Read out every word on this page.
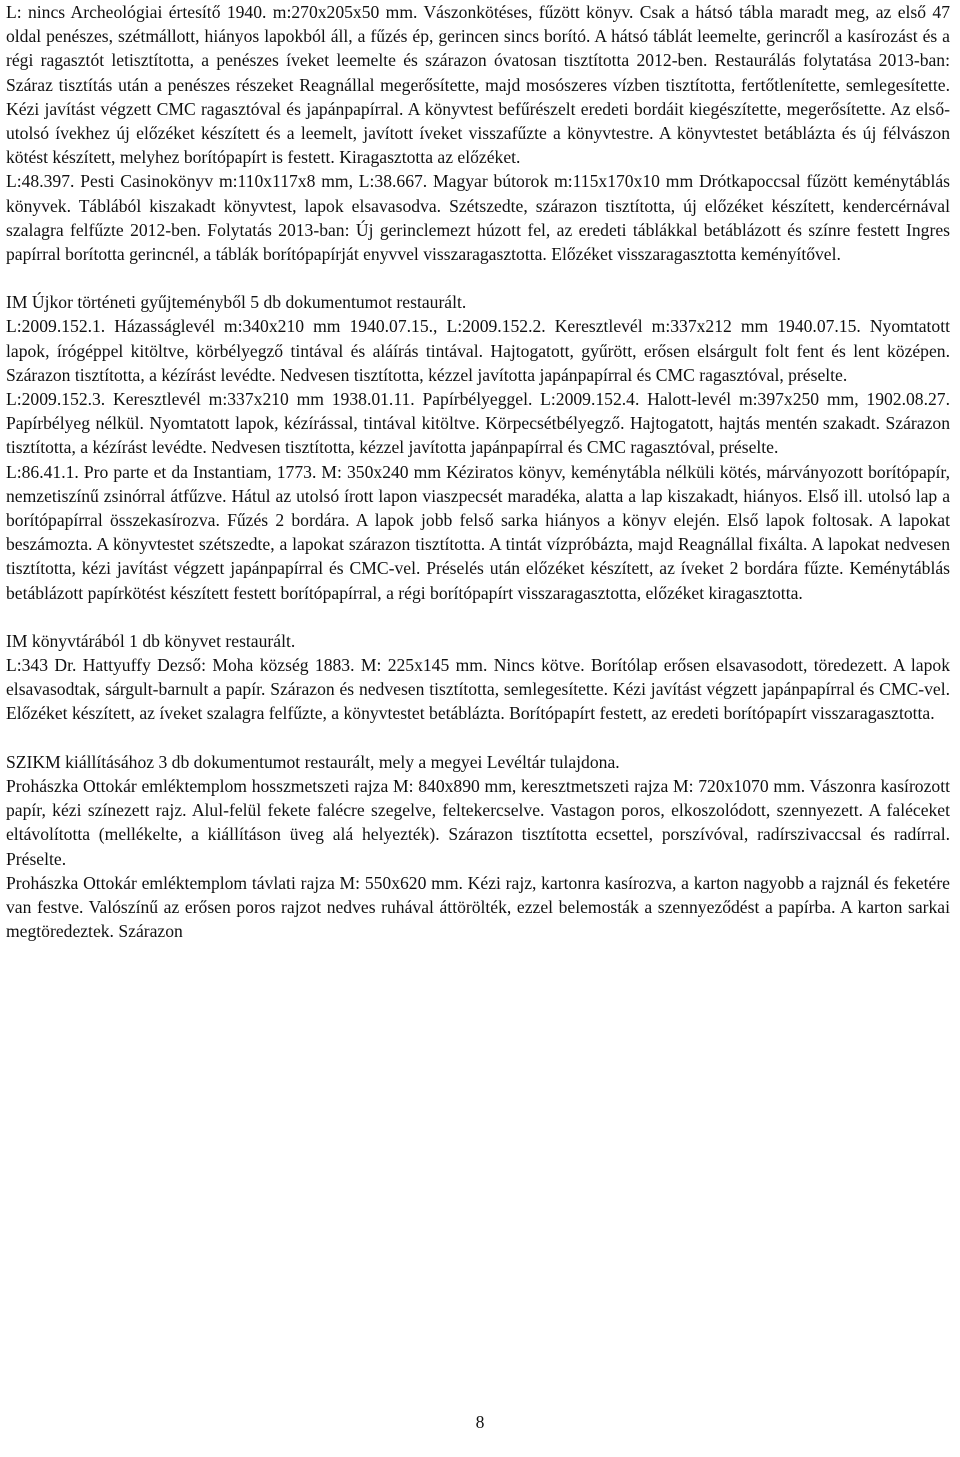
L: nincs Archeológiai értesítő 1940. m:270x205x50 mm. Vászonkötéses, fűzött könyv. Csak a hátsó tábla maradt meg, az első 47 oldal penészes, szétmállott, hiányos lapokból áll, a fűzés ép, gerincen sincs borító. A hátsó táblát leemelte, gerincről a kasírozást és a régi ragasztót letisztította, a penészes íveket leemelte és szárazon óvatosan tisztította 2012-ben. Restaurálás folytatása 2013-ban: Száraz tisztítás után a penészes részeket Reagnállal megerősítette, majd mosószeres vízben tisztította, fertőtlenítette, semlegesítette. Kézi javítást végzett CMC ragasztóval és japánpapírral. A könyvtest befűrészelt eredeti bordáit kiegészítette, megerősítette. Az első-utolsó ívekhez új előzéket készített és a leemelt, javított íveket visszafűzte a könyvtestre. A könyvtestet betáblázta és új félvászon kötést készített, melyhez borítópapírt is festett. Kiragasztotta az előzéket.

L:48.397. Pesti Casinokönyv m:110x117x8 mm, L:38.667. Magyar bútorok m:115x170x10 mm Drótkapoccsal fűzött keménytáblás könyvek. Táblából kiszakadt könyvtest, lapok elsavasodva. Szétszedte, szárazon tisztította, új előzéket készített, kendercérnával szalagra felfűzte 2012-ben. Folytatás 2013-ban: Új gerinclemezt húzott fel, az eredeti táblákkal betáblázott és színre festett Ingres papírral borította gerincnél, a táblák borítópapírját enyvvel visszaragasztotta. Előzéket visszaragasztotta keményítővel.

IM Újkor történeti gyűjteményből 5 db dokumentumot restaurált.

L:2009.152.1. Házasságlevél m:340x210 mm 1940.07.15., L:2009.152.2. Keresztlevél m:337x212 mm 1940.07.15. Nyomtatott lapok, írógéppel kitöltve, körbélyegző tintával és aláírás tintával. Hajtogatott, gyűrött, erősen elsárgult folt fent és lent középen. Szárazon tisztította, a kézírást levédte. Nedvesen tisztította, kézzel javította japánpapírral és CMC ragasztóval, préselte.

L:2009.152.3. Keresztlevél m:337x210 mm 1938.01.11. Papírbélyeggel. L:2009.152.4. Halott-levél m:397x250 mm, 1902.08.27. Papírbélyeg nélkül. Nyomtatott lapok, kézírással, tintával kitöltve. Körpecsétbélyegző. Hajtogatott, hajtás mentén szakadt. Szárazon tisztította, a kézírást levédte. Nedvesen tisztította, kézzel javította japánpapírral és CMC ragasztóval, préselte.

L:86.41.1. Pro parte et da Instantiam, 1773. M: 350x240 mm Kéziratos könyv, keménytábla nélküli kötés, márványozott borítópapír, nemzetiszínű zsinórral átfűzve. Hátul az utolsó írott lapon viaszpecsét maradéka, alatta a lap kiszakadt, hiányos. Első ill. utolsó lap a borítópapírral összekasírozva. Fűzés 2 bordára. A lapok jobb felső sarka hiányos a könyv elején. Első lapok foltosak. A lapokat beszámozta. A könyvtestet szétszedte, a lapokat szárazon tisztította. A tintát vízpróbázta, majd Reagnállal fixálta. A lapokat nedvesen tisztította, kézi javítást végzett japánpapírral és CMC-vel. Préselés után előzéket készített, az íveket 2 bordára fűzte. Keménytáblás betáblázott papírkötést készített festett borítópapírral, a régi borítópapírt visszaragasztotta, előzéket kiragasztotta.

IM könyvtárából 1 db könyvet restaurált.

L:343 Dr. Hattyuffy Dezső: Moha község 1883. M: 225x145 mm. Nincs kötve. Borítólap erősen elsavasodott, töredezett. A lapok elsavasodtak, sárgult-barnult a papír. Szárazon és nedvesen tisztította, semlegesítette. Kézi javítást végzett japánpapírral és CMC-vel. Előzéket készített, az íveket szalagra felfűzte, a könyvtestet betáblázta. Borítópapírt festett, az eredeti borítópapírt visszaragasztotta.

SZIKM kiállításához 3 db dokumentumot restaurált, mely a megyei Levéltár tulajdona.

Prohászka Ottokár emléktemplom hosszmetszeti rajza M: 840x890 mm, keresztmetszeti rajza M: 720x1070 mm. Vászonra kasírozott papír, kézi színezett rajz. Alul-felül fekete falécre szegelve, feltekercselve. Vastagon poros, elkoszolódott, szennyezett. A faléceket eltávolította (mellékelte, a kiállításon üveg alá helyezték). Szárazon tisztította ecsettel, porszívóval, radírszivaccsal és radírral. Préselte.

Prohászka Ottokár emléktemplom távlati rajza M: 550x620 mm. Kézi rajz, kartonra kasírozva, a karton nagyobb a rajznál és feketére van festve. Valószínű az erősen poros rajzot nedves ruhával áttörölték, ezzel belemosták a szennyeződést a papírba. A karton sarkai megtöredeztek. Szárazon

8
